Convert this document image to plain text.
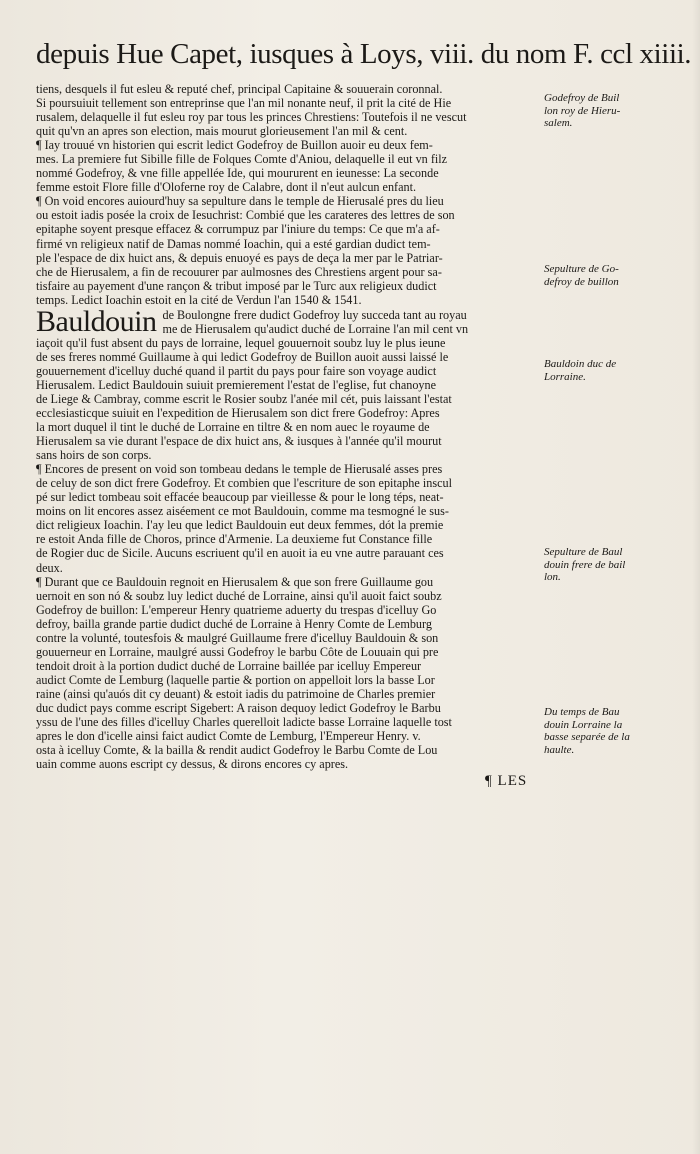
depuis Hue Capet, iusques à Loys, viii. du nom F. ccl xiiii.
tiens, desquels il fut esleu & reputé chef, principal Capitaine & souuerain coronnal.
Si poursuiuit tellement son entreprinse que l'an mil nonante neuf, il prit la cité de Hie
rusalem, delaquelle il fut esleu roy par tous les princes Chrestiens: Toutefois il ne vescut
quit qu'vn an apres son election, mais mourut glorieusement l'an mil & cent.
¶ Iay trouué vn historien qui escrit ledict Godefroy de Buillon auoir eu deux fem-
mes. La premiere fut Sibille fille de Folques Comte d'Aniou, delaquelle il eut vn filz
nommé Godefroy, & vne fille appellée Ide, qui moururent en ieunesse: La seconde
femme estoit Flore fille d'Oloferne roy de Calabre, dont il n'eut aulcun enfant.
¶ On void encores auiourd'huy sa sepulture dans le temple de Hierusalé pres du lieu
ou estoit iadis posée la croix de Iesuchrist: Combié que les carateres des lettres de son
epitaphe soyent presque effacez & corrumpuz par l'iniure du temps: Ce que m'a af-
firmé vn religieux natif de Damas nommé Ioachin, qui a esté gardian dudict tem-
ple l'espace de dix huict ans, & depuis enuoyé es pays de deça la mer par le Patriar-
che de Hierusalem, a fin de recouurer par aulmosnes des Chrestiens argent pour sa-
tisfaire au payement d'une rançon & tribut imposé par le Turc aux religieux dudict
temps. Ledict Ioachin estoit en la cité de Verdun l'an 1540 & 1541.
Bauldouin de Boulongne frere dudict Godefroy luy succeda tant au royau
me de Hierusalem qu'audict duché de Lorraine l'an mil cent vn
iaçoit qu'il fust absent du pays de lorraine, lequel gouuernoit soubz luy le plus ieune
de ses freres nommé Guillaume à qui ledict Godefroy de Buillon auoit aussi laissé le
gouuernement d'icelluy duché quand il partit du pays pour faire son voyage audict
Hierusalem. Ledict Bauldouin suiuit premierement l'estat de l'eglise, fut chanoyne
de Liege & Cambray, comme escrit le Rosier soubz l'anée mil cét, puis laissant l'estat
ecclesiasticque suiuit en l'expedition de Hierusalem son dict frere Godefroy: Apres
la mort duquel il tint le duché de Lorraine en tiltre & en nom auec le royaume de
Hierusalem sa vie durant l'espace de dix huict ans, & iusques à l'année qu'il mourut
sans hoirs de son corps.
¶ Encores de present on void son tombeau dedans le temple de Hierusalé asses pres
de celuy de son dict frere Godefroy. Et combien que l'escriture de son epitaphe inscul
pé sur ledict tombeau soit effacée beaucoup par vieillesse & pour le long téps, neat-
moins on lit encores assez aiséement ce mot Bauldouin, comme ma tesmogné le sus-
dict religieux Ioachin. I'ay leu que ledict Bauldouin eut deux femmes, dót la premie
re estoit Anda fille de Choros, prince d'Armenie. La deuxieme fut Constance fille
de Rogier duc de Sicile. Aucuns escriuent qu'il en auoit ia eu vne autre parauant ces
deux.
¶ Durant que ce Bauldouin regnoit en Hierusalem & que son frere Guillaume gou
uernoit en son nó & soubz luy ledict duché de Lorraine, ainsi qu'il auoit faict soubz
Godefroy de buillon: L'empereur Henry quatrieme aduerty du trespas d'icelluy Go
defroy, bailla grande partie dudict duché de Lorraine à Henry Comte de Lemburg
contre la volunté, toutesfois & maulgré Guillaume frere d'icelluy Bauldouin & son
gouuerneur en Lorraine, maulgré aussi Godefroy le barbu Côte de Louuain qui pre
tendoit droit à la portion dudict duché de Lorraine baillée par icelluy Empereur
audict Comte de Lemburg (laquelle partie & portion on appelloit lors la basse Lor
raine (ainsi qu'auós dit cy deuant) & estoit iadis du patrimoine de Charles premier
duc dudict pays comme escript Sigebert: A raison dequoy ledict Godefroy le Barbu
yssu de l'une des filles d'icelluy Charles querelloit ladicte basse Lorraine laquelle tost
apres le don d'icelle ainsi faict audict Comte de Lemburg, l'Empereur Henry. v.
osta à icelluy Comte, & la bailla & rendit audict Godefroy le Barbu Comte de Lou
uain comme auons escript cy dessus, & dirons encores cy apres.
Godefroy de Buil
lon roy de Hieru-
salem.
Sepulture de Go-
defroy de buillon
Bauldoin duc de
Lorraine.
Sepulture de Baul
douin frere de bail
lon.
Du temps de Bau
douin Lorraine la
basse separée de la
haulte.
¶ LES
